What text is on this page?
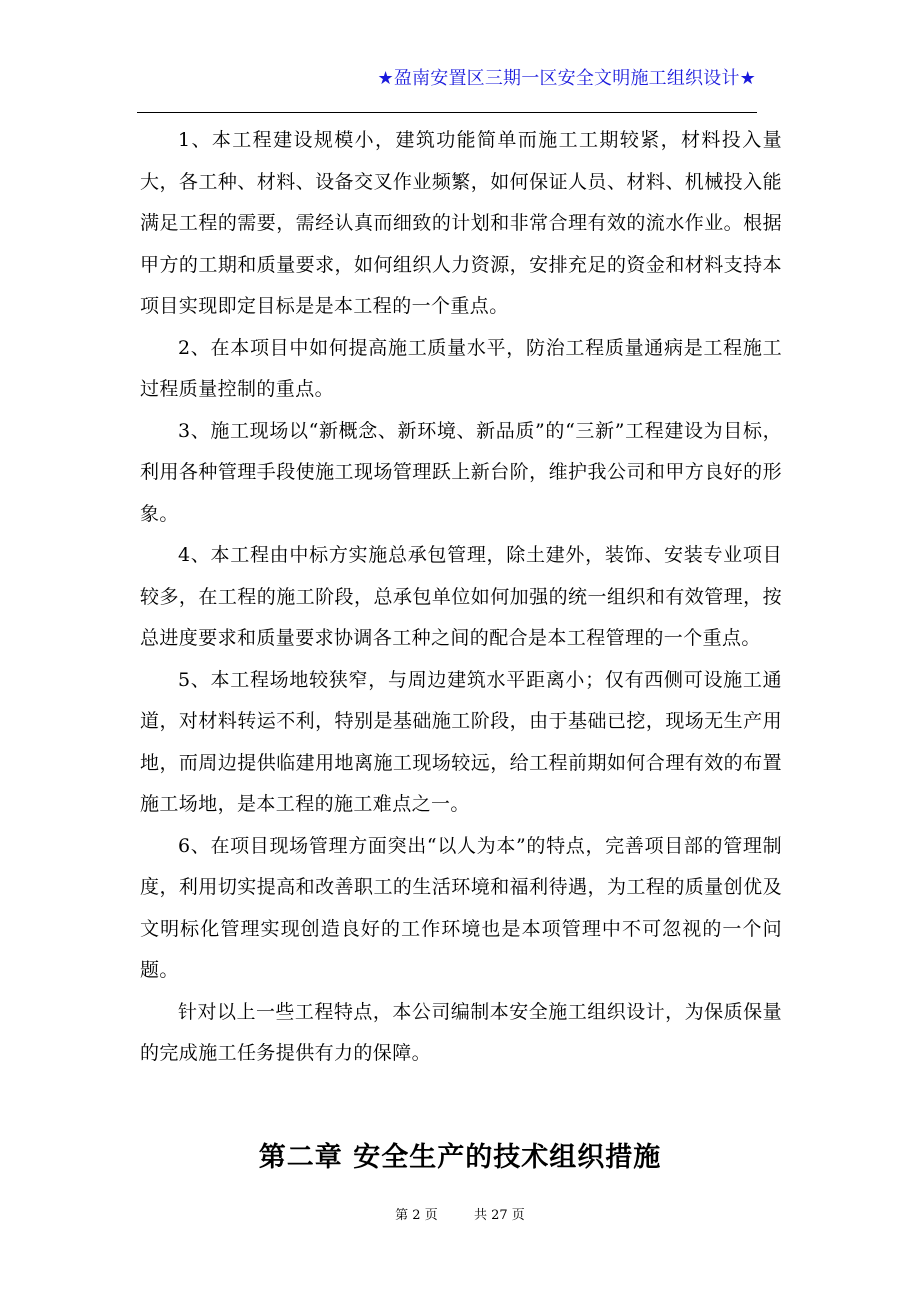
★盈南安置区三期一区安全文明施工组织设计★

1、本工程建设规模小，建筑功能简单而施工工期较紧，材料投入量大，各工种、材料、设备交叉作业频繁，如何保证人员、材料、机械投入能满足工程的需要，需经认真而细致的计划和非常合理有效的流水作业。根据甲方的工期和质量要求，如何组织人力资源，安排充足的资金和材料支持本项目实现即定目标是是本工程的一个重点。

2、在本项目中如何提高施工质量水平，防治工程质量通病是工程施工过程质量控制的重点。

3、施工现场以“新概念、新环境、新品质”的“三新”工程建设为目标，利用各种管理手段使施工现场管理跃上新台阶，维护我公司和甲方良好的形象。

4、本工程由中标方实施总承包管理，除土建外，装饰、安装专业项目较多，在工程的施工阶段，总承包单位如何加强的统一组织和有效管理，按总进度要求和质量要求协调各工种之间的配合是本工程管理的一个重点。

5、本工程场地较狭窄，与周边建筑水平距离小；仅有西侧可设施工通道，对材料转运不利，特别是基础施工阶段，由于基础已挖，现场无生产用地，而周边提供临建用地离施工现场较远，给工程前期如何合理有效的布置施工场地，是本工程的施工难点之一。

6、在项目现场管理方面突出“以人为本”的特点，完善项目部的管理制度，利用切实提高和改善职工的生活环境和福利待遇，为工程的质量创优及文明标化管理实现创造良好的工作环境也是本项管理中不可忽视的一个问题。

针对以上一些工程特点，本公司编制本安全施工组织设计，为保质保量的完成施工任务提供有力的保障。

第二章 安全生产的技术组织措施
第 2 页	共 27 页
